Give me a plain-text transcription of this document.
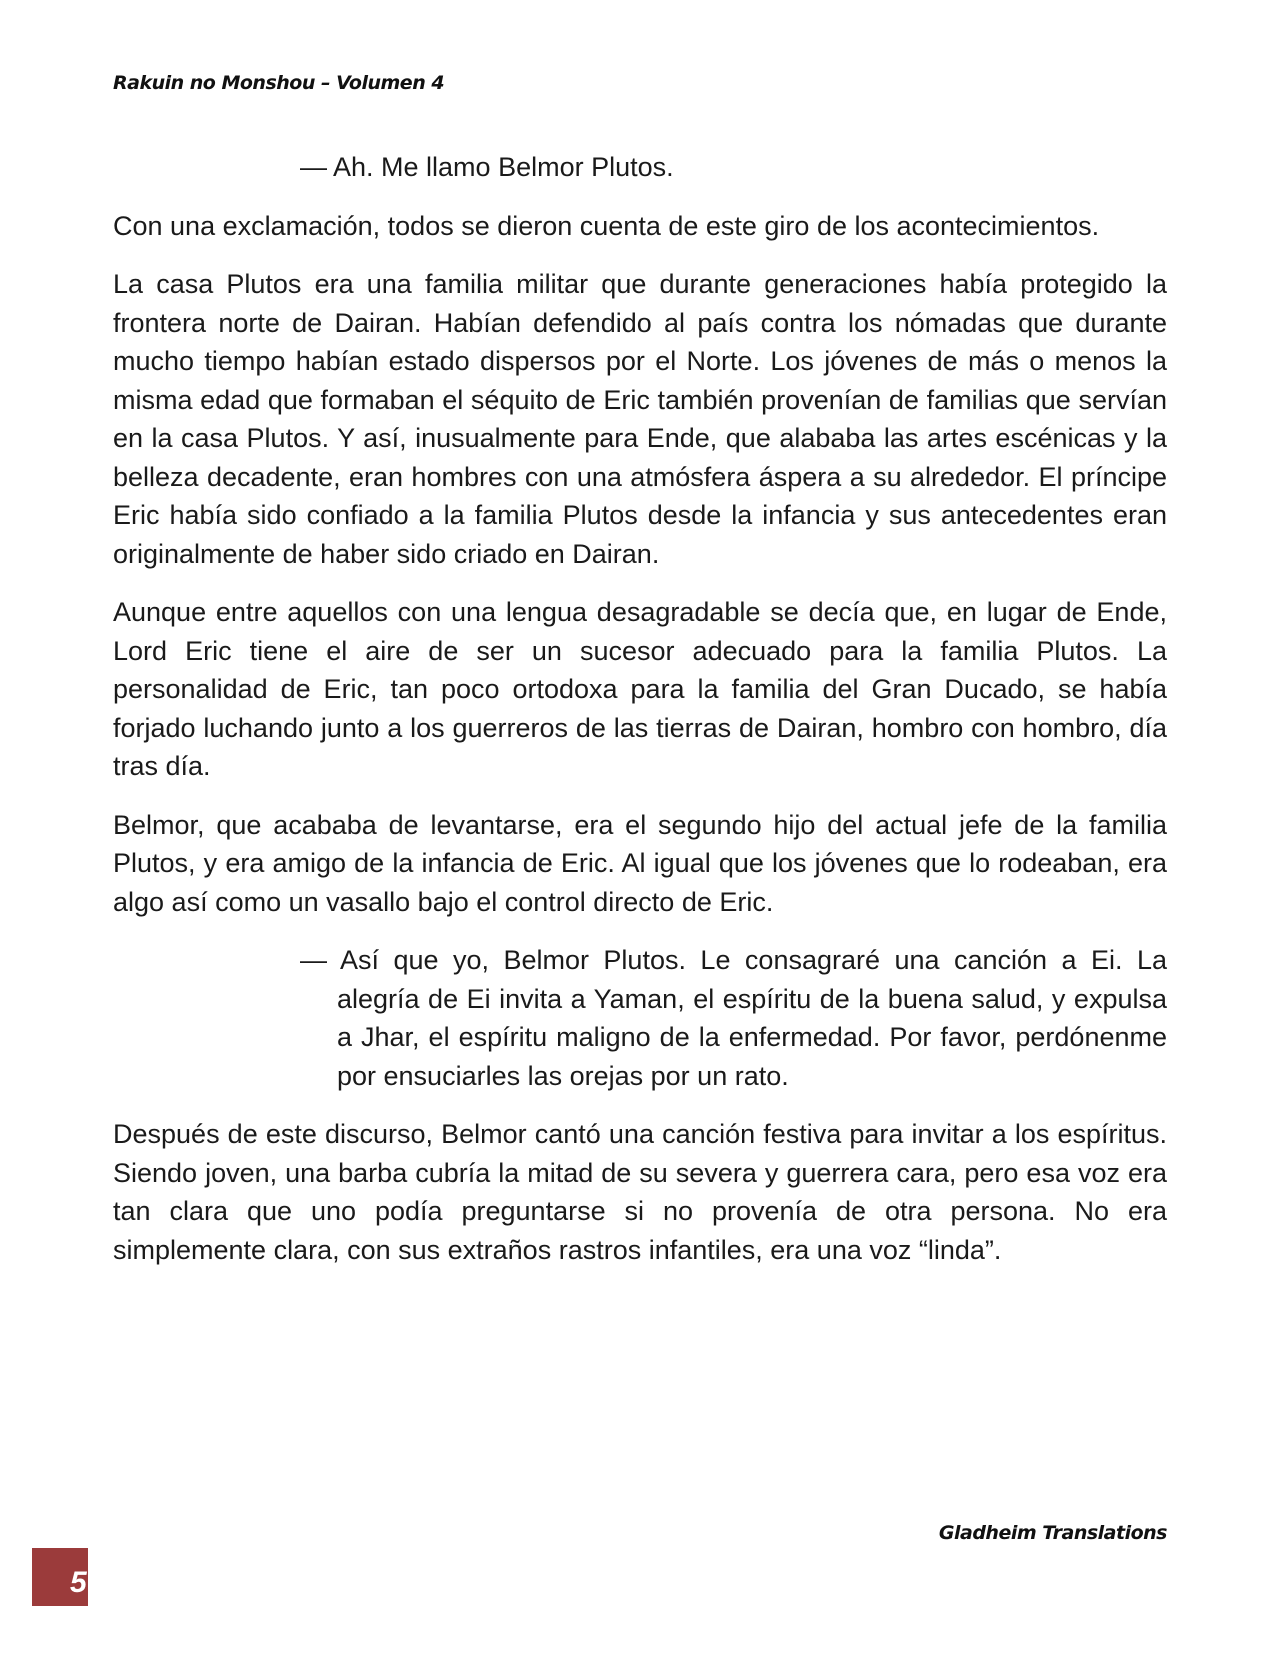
Rakuin no Monshou – Volumen 4

— Ah. Me llamo Belmor Plutos.

Con una exclamación, todos se dieron cuenta de este giro de los acontecimientos.

La casa Plutos era una familia militar que durante generaciones había protegido la frontera norte de Dairan. Habían defendido al país contra los nómadas que durante mucho tiempo habían estado dispersos por el Norte. Los jóvenes de más o menos la misma edad que formaban el séquito de Eric también provenían de familias que servían en la casa Plutos. Y así, inusualmente para Ende, que alababa las artes escénicas y la belleza decadente, eran hombres con una atmósfera áspera a su alrededor. El príncipe Eric había sido confiado a la familia Plutos desde la infancia y sus antecedentes eran originalmente de haber sido criado en Dairan.

Aunque entre aquellos con una lengua desagradable se decía que, en lugar de Ende, Lord Eric tiene el aire de ser un sucesor adecuado para la familia Plutos. La personalidad de Eric, tan poco ortodoxa para la familia del Gran Ducado, se había forjado luchando junto a los guerreros de las tierras de Dairan, hombro con hombro, día tras día.

Belmor, que acababa de levantarse, era el segundo hijo del actual jefe de la familia Plutos, y era amigo de la infancia de Eric. Al igual que los jóvenes que lo rodeaban, era algo así como un vasallo bajo el control directo de Eric.

— Así que yo, Belmor Plutos. Le consagraré una canción a Ei. La alegría de Ei invita a Yaman, el espíritu de la buena salud, y expulsa a Jhar, el espíritu maligno de la enfermedad. Por favor, perdónenme por ensuciarles las orejas por un rato.

Después de este discurso, Belmor cantó una canción festiva para invitar a los espíritus. Siendo joven, una barba cubría la mitad de su severa y guerrera cara, pero esa voz era tan clara que uno podía preguntarse si no provenía de otra persona. No era simplemente clara, con sus extraños rastros infantiles, era una voz “linda”.

Gladheim Translations
5
